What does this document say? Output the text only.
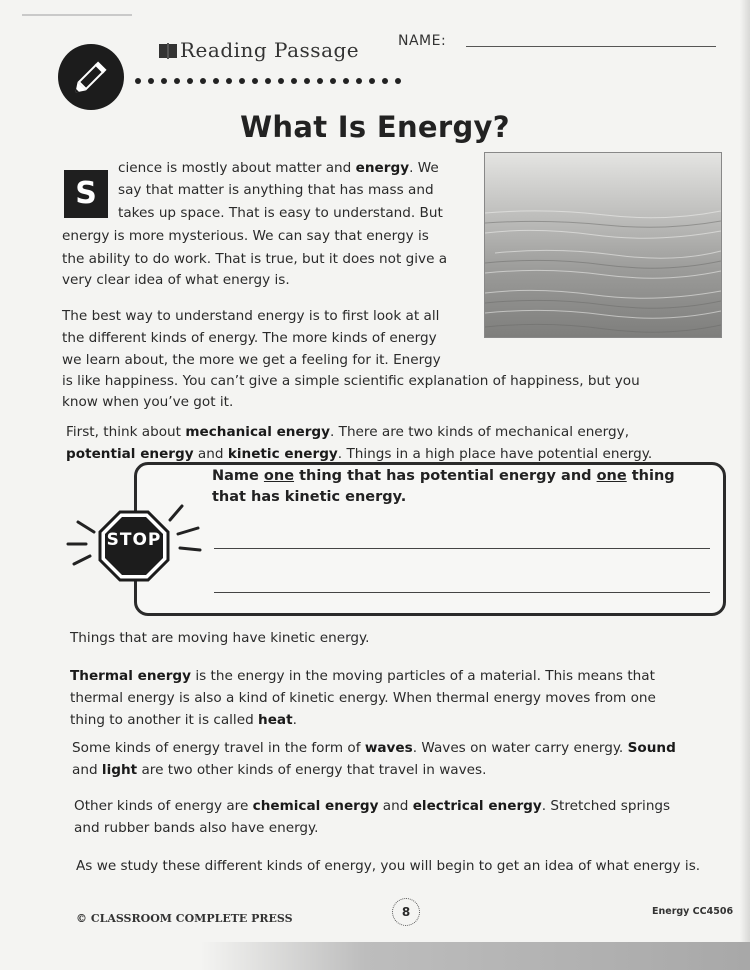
Reading Passage	NAME:
What Is Energy?
S
cience is mostly about matter and energy. We
say that matter is anything that has mass and
takes up space. That is easy to understand. But
energy is more mysterious. We can say that energy is
the ability to do work. That is true, but it does not give a
very clear idea of what energy is.
The best way to understand energy is to first look at all
the different kinds of energy. The more kinds of energy
we learn about, the more we get a feeling for it. Energy
is like happiness. You can’t give a simple scientific explanation of happiness, but you
know when you’ve got it.
First, think about mechanical energy. There are two kinds of mechanical energy,
potential energy and kinetic energy. Things in a high place have potential energy.
Name one thing that has potential energy and one thing
that has kinetic energy.
STOP
Things that are moving have kinetic energy.
Thermal energy is the energy in the moving particles of a material. This means that
thermal energy is also a kind of kinetic energy. When thermal energy moves from one
thing to another it is called heat.
Some kinds of energy travel in the form of waves. Waves on water carry energy. Sound
and light are two other kinds of energy that travel in waves.
Other kinds of energy are chemical energy and electrical energy. Stretched springs
and rubber bands also have energy.
As we study these different kinds of energy, you will begin to get an idea of what energy is.
© CLASSROOM COMPLETE PRESS	8	Energy CC4506
